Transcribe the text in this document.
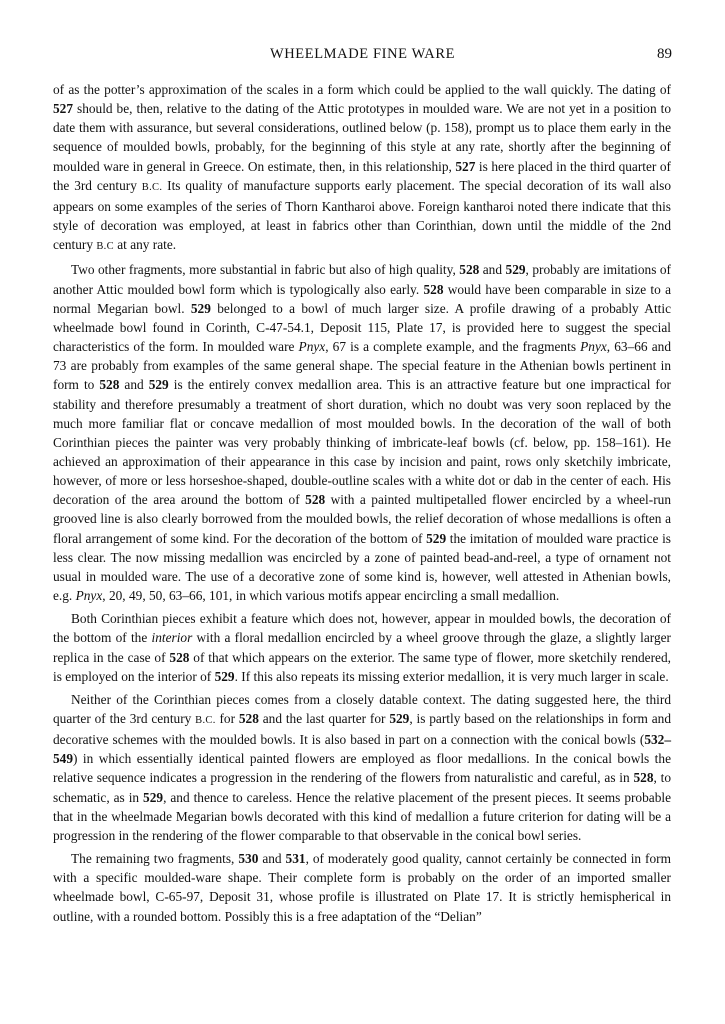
WHEELMADE FINE WARE	89

of as the potter’s approximation of the scales in a form which could be applied to the wall quickly. The dating of 527 should be, then, relative to the dating of the Attic prototypes in moulded ware. We are not yet in a position to date them with assurance, but several considerations, outlined below (p. 158), prompt us to place them early in the sequence of moulded bowls, probably, for the beginning of this style at any rate, shortly after the beginning of moulded ware in general in Greece. On estimate, then, in this relationship, 527 is here placed in the third quarter of the 3rd century B.C. Its quality of manufacture supports early placement. The special decoration of its wall also appears on some examples of the series of Thorn Kantharoi above. Foreign kantharoi noted there indicate that this style of decoration was employed, at least in fabrics other than Corinthian, down until the middle of the 2nd century B.C at any rate.

Two other fragments, more substantial in fabric but also of high quality, 528 and 529, probably are imitations of another Attic moulded bowl form which is typologically also early. 528 would have been comparable in size to a normal Megarian bowl. 529 belonged to a bowl of much larger size. A profile drawing of a probably Attic wheelmade bowl found in Corinth, C-47-54.1, Deposit 115, Plate 17, is provided here to suggest the special characteristics of the form. In moulded ware Pnyx, 67 is a complete example, and the fragments Pnyx, 63–66 and 73 are probably from examples of the same general shape. The special feature in the Athenian bowls pertinent in form to 528 and 529 is the entirely convex medallion area. This is an attractive feature but one impractical for stability and therefore presumably a treatment of short duration, which no doubt was very soon replaced by the much more familiar flat or concave medallion of most moulded bowls. In the decoration of the wall of both Corinthian pieces the painter was very probably thinking of imbricate-leaf bowls (cf. below, pp. 158–161). He achieved an approximation of their appearance in this case by incision and paint, rows only sketchily imbricate, however, of more or less horseshoe-shaped, double-outline scales with a white dot or dab in the center of each. His decoration of the area around the bottom of 528 with a painted multipetalled flower encircled by a wheel-run grooved line is also clearly borrowed from the moulded bowls, the relief decoration of whose medallions is often a floral arrangement of some kind. For the decoration of the bottom of 529 the imitation of moulded ware practice is less clear. The now missing medallion was encircled by a zone of painted bead-and-reel, a type of ornament not usual in moulded ware. The use of a decorative zone of some kind is, however, well attested in Athenian bowls, e.g. Pnyx, 20, 49, 50, 63–66, 101, in which various motifs appear encircling a small medallion.

Both Corinthian pieces exhibit a feature which does not, however, appear in moulded bowls, the decoration of the bottom of the interior with a floral medallion encircled by a wheel groove through the glaze, a slightly larger replica in the case of 528 of that which appears on the exterior. The same type of flower, more sketchily rendered, is employed on the interior of 529. If this also repeats its missing exterior medallion, it is very much larger in scale.

Neither of the Corinthian pieces comes from a closely datable context. The dating suggested here, the third quarter of the 3rd century B.C. for 528 and the last quarter for 529, is partly based on the relationships in form and decorative schemes with the moulded bowls. It is also based in part on a connection with the conical bowls (532–549) in which essentially identical painted flowers are employed as floor medallions. In the conical bowls the relative sequence indicates a progression in the rendering of the flowers from naturalistic and careful, as in 528, to schematic, as in 529, and thence to careless. Hence the relative placement of the present pieces. It seems probable that in the wheelmade Megarian bowls decorated with this kind of medallion a future criterion for dating will be a progression in the rendering of the flower comparable to that observable in the conical bowl series.

The remaining two fragments, 530 and 531, of moderately good quality, cannot certainly be connected in form with a specific moulded-ware shape. Their complete form is probably on the order of an imported smaller wheelmade bowl, C-65-97, Deposit 31, whose profile is illustrated on Plate 17. It is strictly hemispherical in outline, with a rounded bottom. Possibly this is a free adaptation of the “Delian”
